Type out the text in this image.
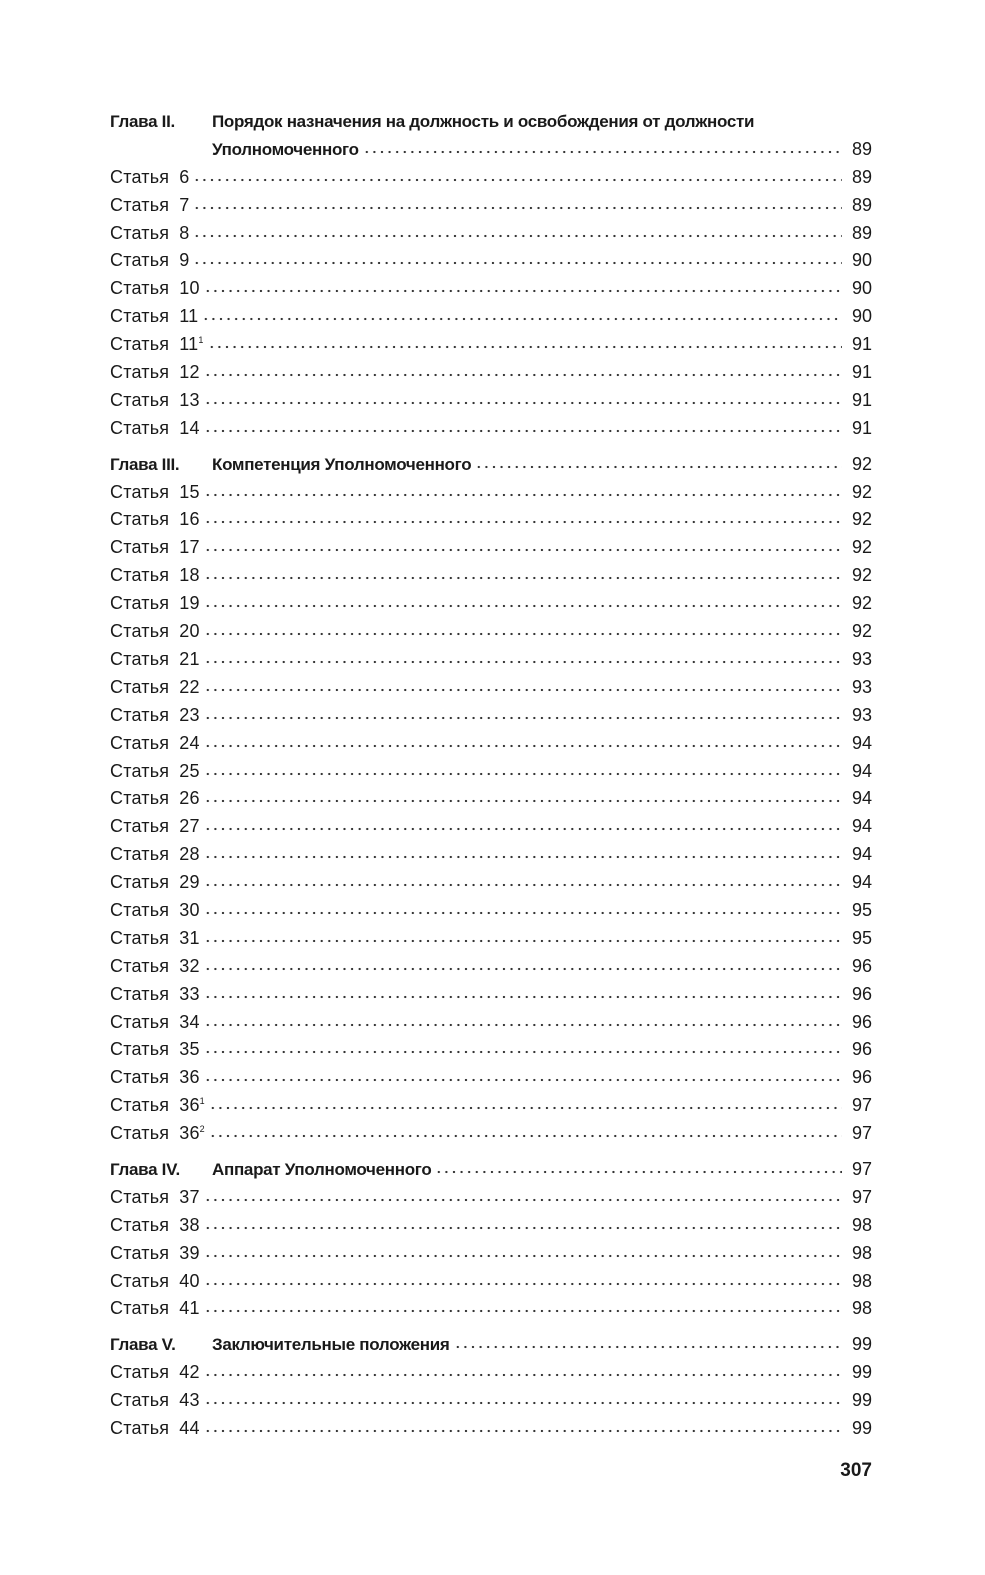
Глава II.	Порядок назначения на должность и освобождения от должности
Уполномоченного	89
Статья 6	89
Статья 7	89
Статья 8	89
Статья 9	90
Статья 10	90
Статья 11	90
Статья $11^1$	91
Статья 12	91
Статья 13	91
Статья 14	91
Глава III.	Компетенция Уполномоченного	92
Статья 15	92
Статья 16	92
Статья 17	92
Статья 18	92
Статья 19	92
Статья 20	92
Статья 21	93
Статья 22	93
Статья 23	93
Статья 24	94
Статья 25	94
Статья 26	94
Статья 27	94
Статья 28	94
Статья 29	94
Статья 30	95
Статья 31	95
Статья 32	96
Статья 33	96
Статья 34	96
Статья 35	96
Статья 36	96
Статья $36^1$	97
Статья $36^2$	97
Глава IV.	Аппарат Уполномоченного	97
Статья 37	97
Статья 38	98
Статья 39	98
Статья 40	98
Статья 41	98
Глава V.	Заключительные положения	99
Статья 42	99
Статья 43	99
Статья 44	99
307
